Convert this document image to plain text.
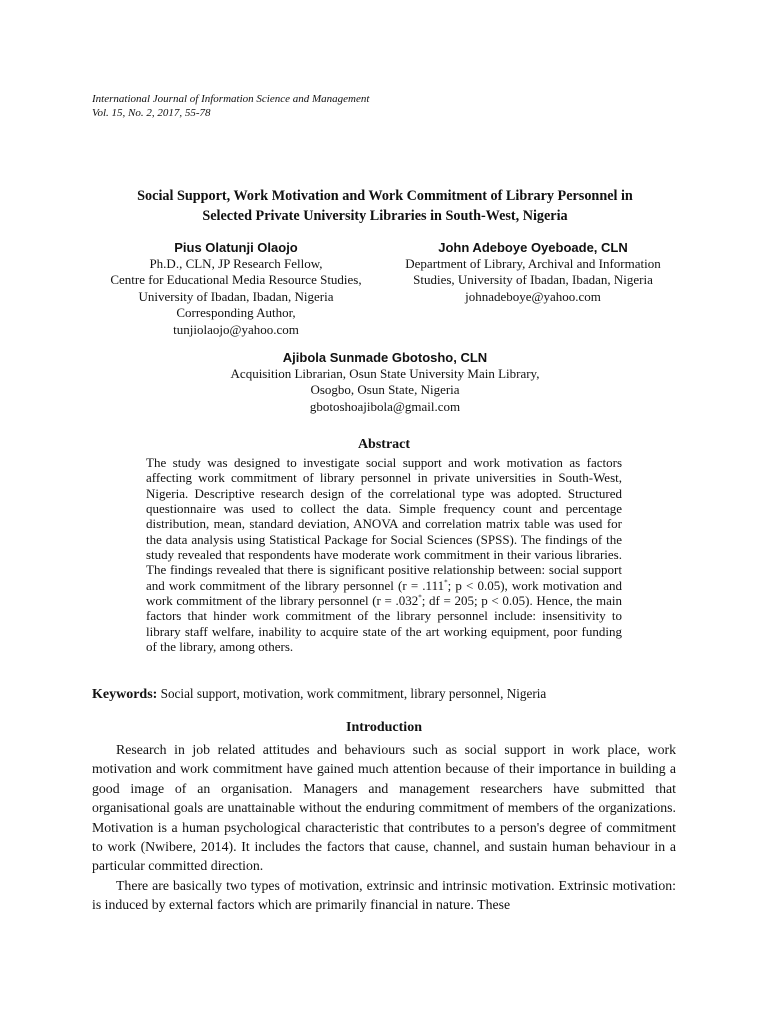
International Journal of Information Science and Management
Vol. 15, No. 2, 2017, 55-78
Social Support, Work Motivation and Work Commitment of Library Personnel in
Selected Private University Libraries in South-West, Nigeria
Pius Olatunji Olaojo
Ph.D., CLN, JP Research Fellow,
Centre for Educational Media Resource Studies,
University of Ibadan, Ibadan, Nigeria
Corresponding Author,
tunjiolaojo@yahoo.com
John Adeboye Oyeboade, CLN
Department of Library, Archival and Information
Studies, University of Ibadan, Ibadan, Nigeria
johnadeboye@yahoo.com
Ajibola Sunmade Gbotosho, CLN
Acquisition Librarian, Osun State University Main Library,
Osogbo, Osun State, Nigeria
gbotoshoajibola@gmail.com
Abstract
The study was designed to investigate social support and work motivation as factors affecting work commitment of library personnel in private universities in South-West, Nigeria. Descriptive research design of the correlational type was adopted. Structured questionnaire was used to collect the data. Simple frequency count and percentage distribution, mean, standard deviation, ANOVA and correlation matrix table was used for the data analysis using Statistical Package for Social Sciences (SPSS). The findings of the study revealed that respondents have moderate work commitment in their various libraries. The findings revealed that there is significant positive relationship between: social support and work commitment of the library personnel (r = .111*; p < 0.05), work motivation and work commitment of the library personnel (r = .032*; df = 205; p < 0.05). Hence, the main factors that hinder work commitment of the library personnel include: insensitivity to library staff welfare, inability to acquire state of the art working equipment, poor funding of the library, among others.
Keywords: Social support, motivation, work commitment, library personnel, Nigeria
Introduction

Research in job related attitudes and behaviours such as social support in work place, work motivation and work commitment have gained much attention because of their importance in building a good image of an organisation. Managers and management researchers have submitted that organisational goals are unattainable without the enduring commitment of members of the organizations. Motivation is a human psychological characteristic that contributes to a person's degree of commitment to work (Nwibere, 2014). It includes the factors that cause, channel, and sustain human behaviour in a particular committed direction.

There are basically two types of motivation, extrinsic and intrinsic motivation. Extrinsic motivation: is induced by external factors which are primarily financial in nature. These
